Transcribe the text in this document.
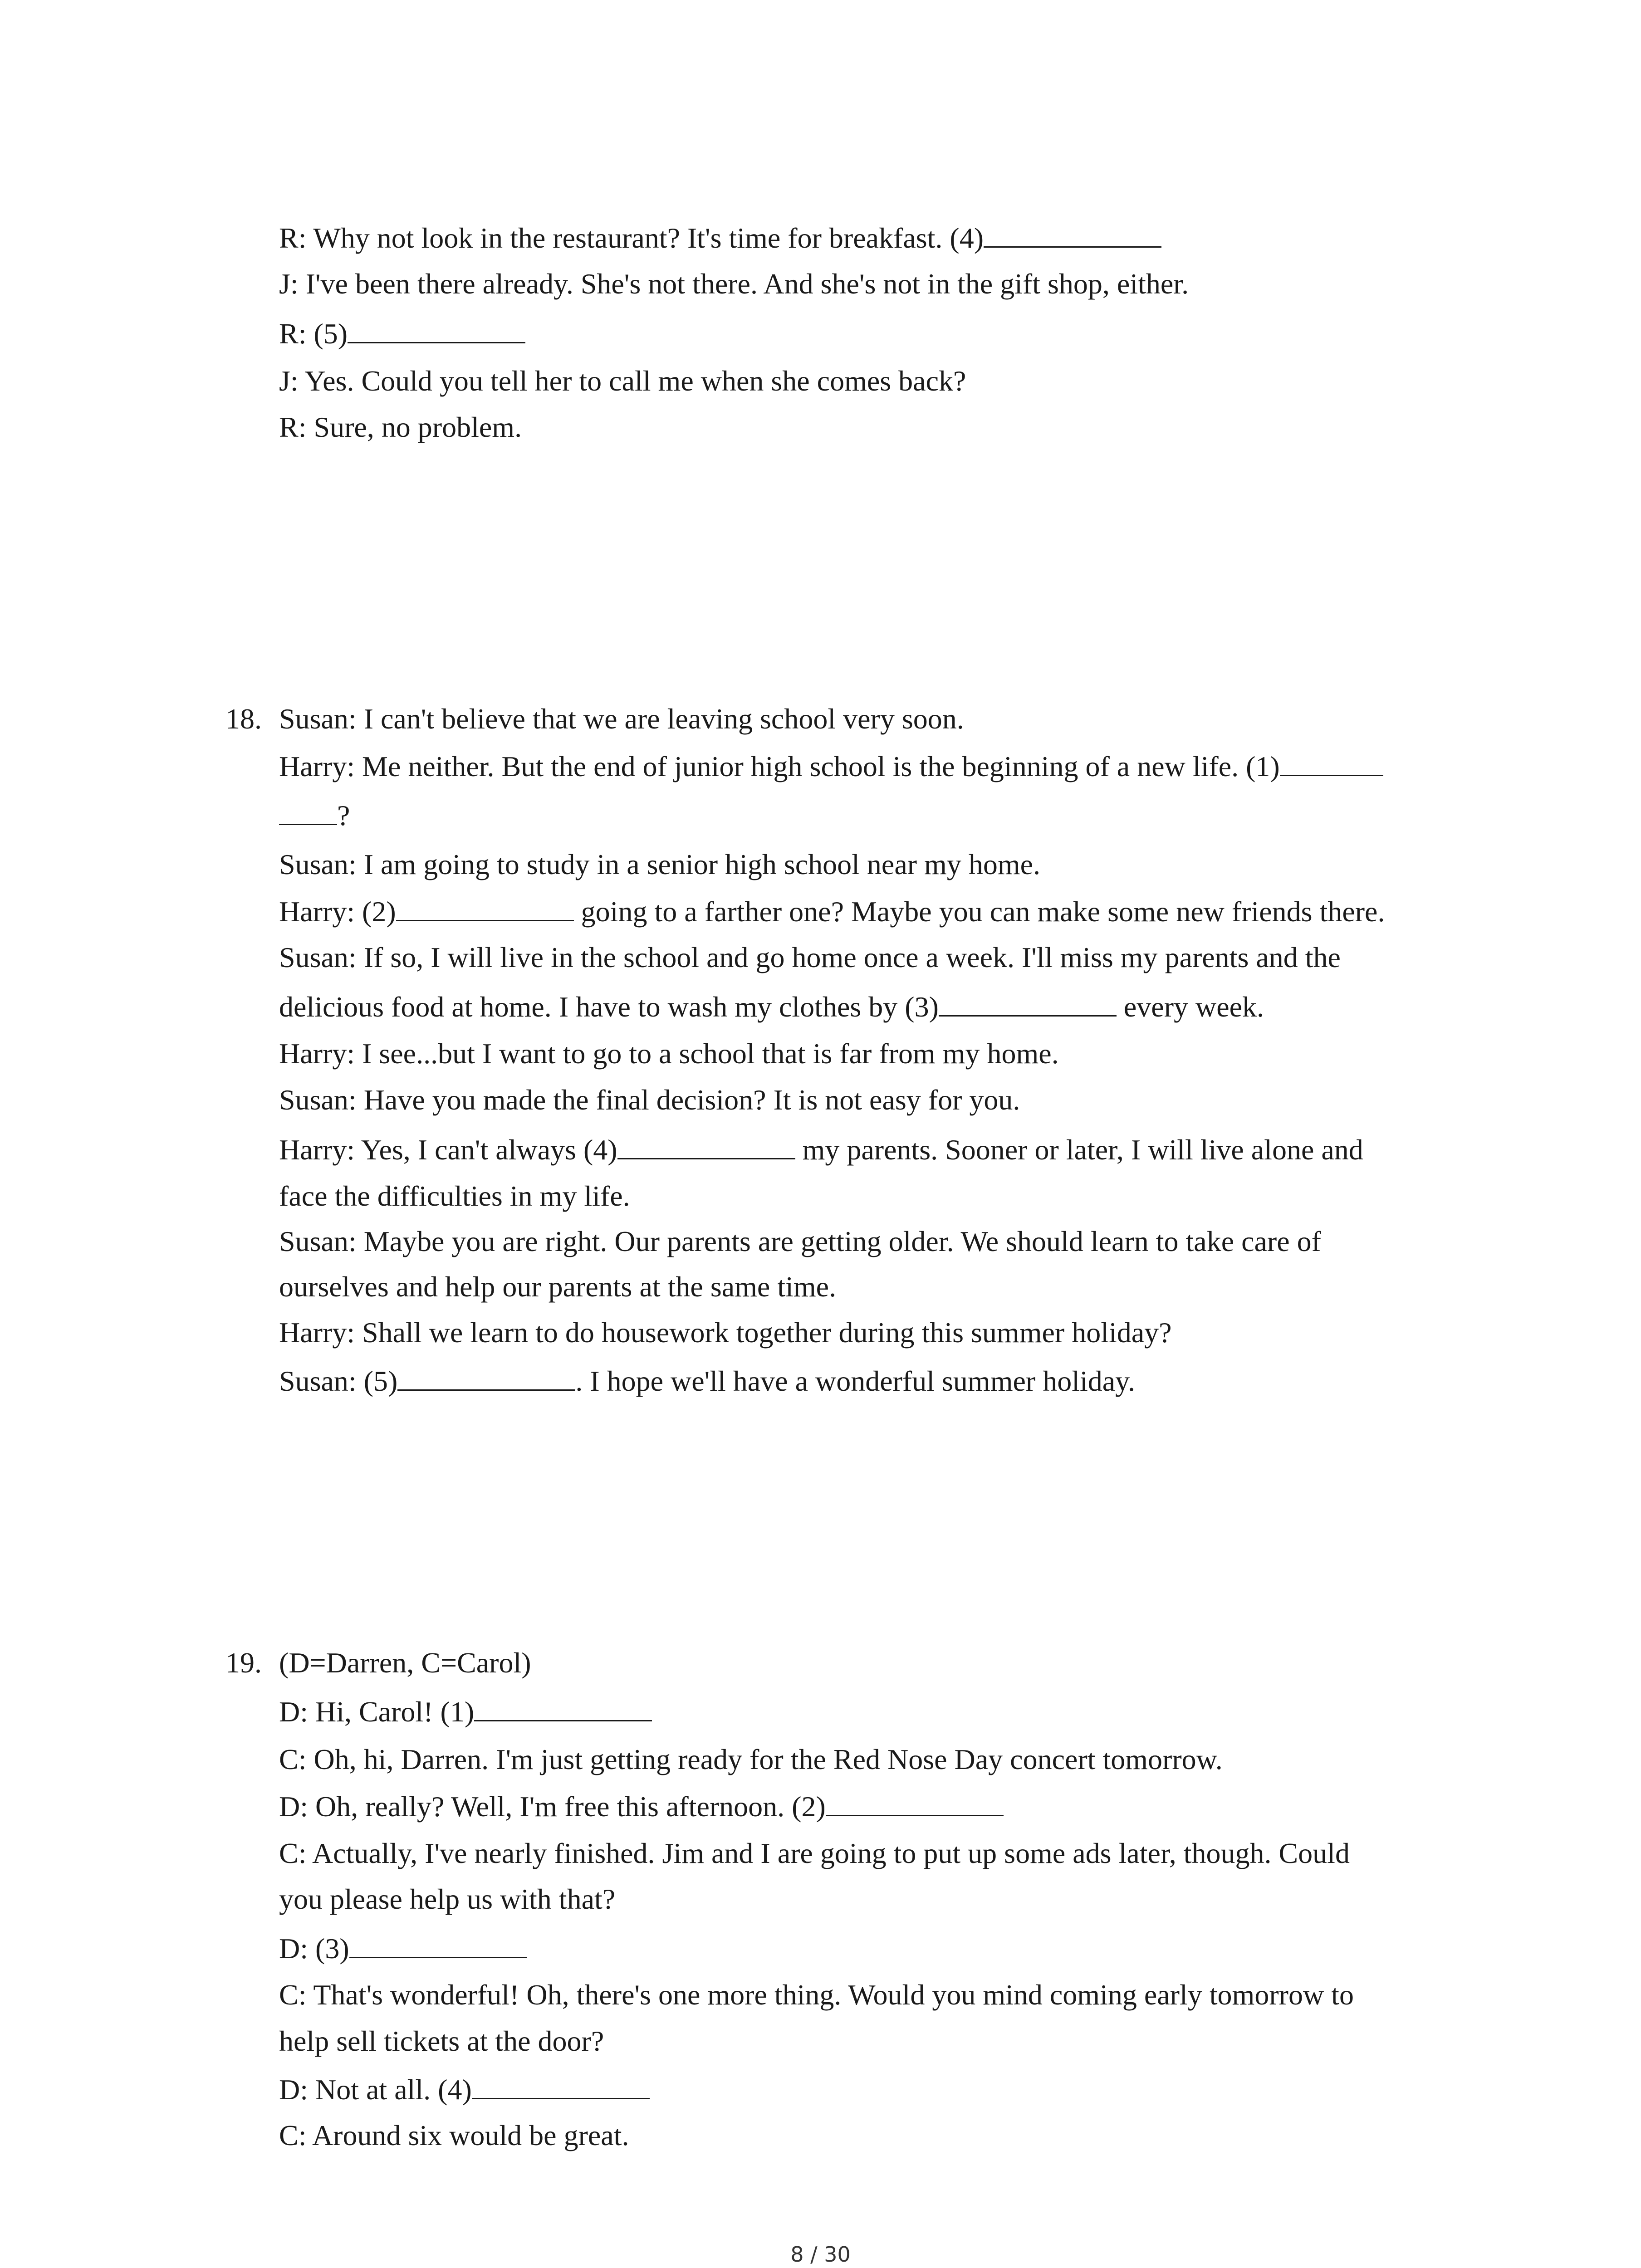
R: Why not look in the restaurant? It's time for breakfast. (4)

J: I've been there already. She's not there. And she's not in the gift shop, either.

R: (5)

J: Yes. Could you tell her to call me when she comes back?

R: Sure, no problem.

18. Susan: I can't believe that we are leaving school very soon.

Harry: Me neither. But the end of junior high school is the beginning of a new life. (1)

?

Susan: I am going to study in a senior high school near my home.

Harry: (2)	going to a farther one? Maybe you can make some new friends there.

Susan: If so, I will live in the school and go home once a week. I'll miss my parents and the

delicious food at home. I have to wash my clothes by (3)	every week.

Harry: I see...but I want to go to a school that is far from my home.

Susan: Have you made the final decision? It is not easy for you.

Harry: Yes, I can't always (4)	my parents. Sooner or later, I will live alone and

face the difficulties in my life.

Susan: Maybe you are right. Our parents are getting older. We should learn to take care of

ourselves and help our parents at the same time.

Harry: Shall we learn to do housework together during this summer holiday?

Susan: (5)	. I hope we'll have a wonderful summer holiday.

19. (D=Darren, C=Carol)

D: Hi, Carol! (1)

C: Oh, hi, Darren. I'm just getting ready for the Red Nose Day concert tomorrow.

D: Oh, really? Well, I'm free this afternoon. (2)

C: Actually, I've nearly finished. Jim and I are going to put up some ads later, though. Could

you please help us with that?

D: (3)

C: That's wonderful! Oh, there's one more thing. Would you mind coming early tomorrow to

help sell tickets at the door?

D: Not at all. (4)

C: Around six would be great.

8 / 30
